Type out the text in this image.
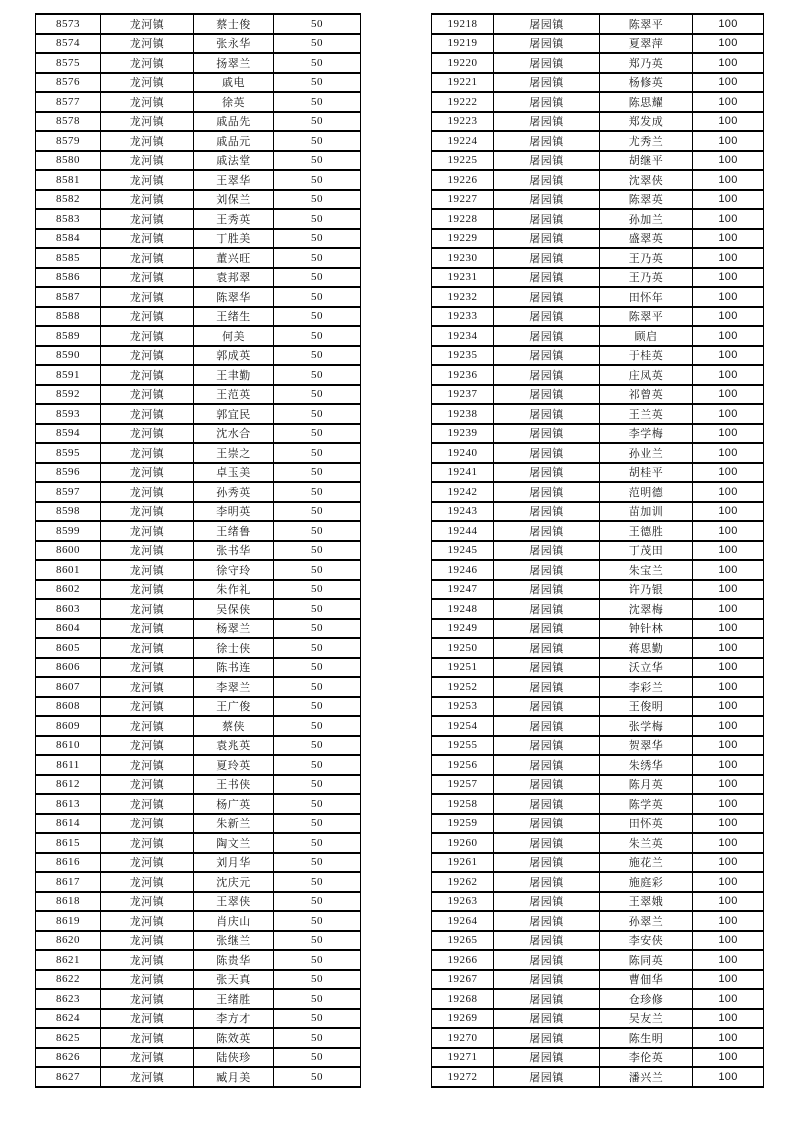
8573	龙河镇	蔡士俊	50
8574	龙河镇	张永华	50
8575	龙河镇	扬翠兰	50
8576	龙河镇	戚电	50
8577	龙河镇	徐英	50
8578	龙河镇	戚品先	50
8579	龙河镇	戚品元	50
8580	龙河镇	戚法堂	50
8581	龙河镇	王翠华	50
8582	龙河镇	刘保兰	50
8583	龙河镇	王秀英	50
8584	龙河镇	丁胜美	50
8585	龙河镇	董兴旺	50
8586	龙河镇	袁邦翠	50
8587	龙河镇	陈翠华	50
8588	龙河镇	王绪生	50
8589	龙河镇	何美	50
8590	龙河镇	郭成英	50
8591	龙河镇	王聿勤	50
8592	龙河镇	王范英	50
8593	龙河镇	郭宜民	50
8594	龙河镇	沈水合	50
8595	龙河镇	王崇之	50
8596	龙河镇	卓玉美	50
8597	龙河镇	孙秀英	50
8598	龙河镇	李明英	50
8599	龙河镇	王绪鲁	50
8600	龙河镇	张书华	50
8601	龙河镇	徐守玲	50
8602	龙河镇	朱作礼	50
8603	龙河镇	吴保侠	50
8604	龙河镇	杨翠兰	50
8605	龙河镇	徐士侠	50
8606	龙河镇	陈书连	50
8607	龙河镇	李翠兰	50
8608	龙河镇	王广俊	50
8609	龙河镇	蔡侠	50
8610	龙河镇	袁兆英	50
8611	龙河镇	夏玲英	50
8612	龙河镇	王书侠	50
8613	龙河镇	杨广英	50
8614	龙河镇	朱新兰	50
8615	龙河镇	陶文兰	50
8616	龙河镇	刘月华	50
8617	龙河镇	沈庆元	50
8618	龙河镇	王翠侠	50
8619	龙河镇	肖庆山	50
8620	龙河镇	张继兰	50
8621	龙河镇	陈贵华	50
8622	龙河镇	张天真	50
8623	龙河镇	王绪胜	50
8624	龙河镇	李方才	50
8625	龙河镇	陈效英	50
8626	龙河镇	陆侠珍	50
8627	龙河镇	臧月美	50
19218	屠园镇	陈翠平	100
19219	屠园镇	夏翠萍	100
19220	屠园镇	郑乃英	100
19221	屠园镇	杨修英	100
19222	屠园镇	陈思耀	100
19223	屠园镇	郑发成	100
19224	屠园镇	尤秀兰	100
19225	屠园镇	胡继平	100
19226	屠园镇	沈翠侠	100
19227	屠园镇	陈翠英	100
19228	屠园镇	孙加兰	100
19229	屠园镇	盛翠英	100
19230	屠园镇	王乃英	100
19231	屠园镇	王乃英	100
19232	屠园镇	田怀年	100
19233	屠园镇	陈翠平	100
19234	屠园镇	顾启	100
19235	屠园镇	于桂英	100
19236	屠园镇	庄凤英	100
19237	屠园镇	祁曾英	100
19238	屠园镇	王兰英	100
19239	屠园镇	李学梅	100
19240	屠园镇	孙业兰	100
19241	屠园镇	胡桂平	100
19242	屠园镇	范明德	100
19243	屠园镇	苗加训	100
19244	屠园镇	王德胜	100
19245	屠园镇	丁茂田	100
19246	屠园镇	朱宝兰	100
19247	屠园镇	许乃银	100
19248	屠园镇	沈翠梅	100
19249	屠园镇	钟针林	100
19250	屠园镇	蒋思勤	100
19251	屠园镇	沃立华	100
19252	屠园镇	李彩兰	100
19253	屠园镇	王俊明	100
19254	屠园镇	张学梅	100
19255	屠园镇	贺翠华	100
19256	屠园镇	朱绣华	100
19257	屠园镇	陈月英	100
19258	屠园镇	陈学英	100
19259	屠园镇	田怀英	100
19260	屠园镇	朱兰英	100
19261	屠园镇	施花兰	100
19262	屠园镇	施庭彩	100
19263	屠园镇	王翠娥	100
19264	屠园镇	孙翠兰	100
19265	屠园镇	李安侠	100
19266	屠园镇	陈同英	100
19267	屠园镇	曹佃华	100
19268	屠园镇	仓珍修	100
19269	屠园镇	吴友兰	100
19270	屠园镇	陈生明	100
19271	屠园镇	李伦英	100
19272	屠园镇	潘兴兰	100
